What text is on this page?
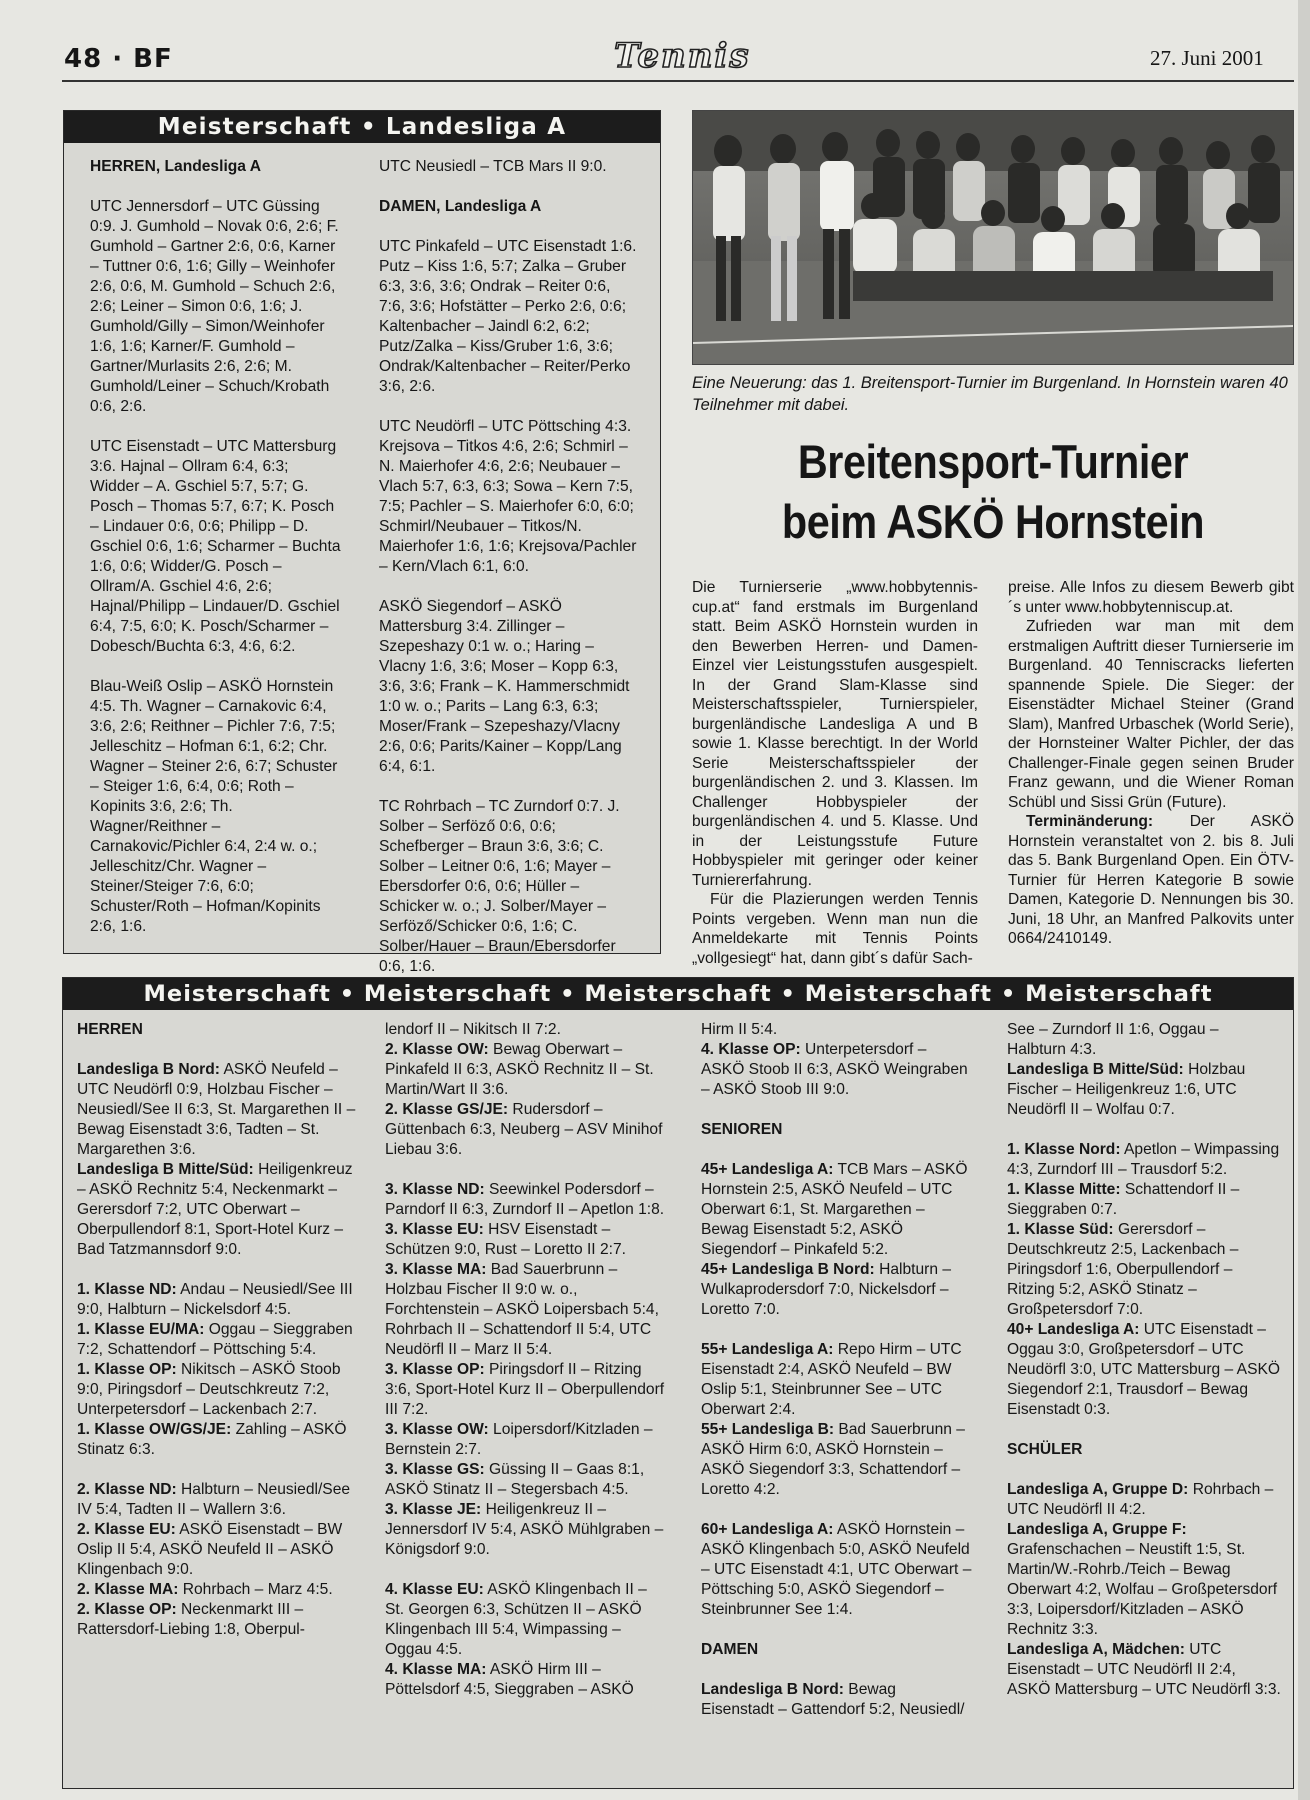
48 · BF	Tennis	27. Juni 2001
Meisterschaft • Landesliga A

HERREN, Landesliga A

UTC Jennersdorf – UTC Güssing 0:9. J. Gumhold – Novak 0:6, 2:6; F. Gumhold – Gartner 2:6, 0:6, Karner – Tuttner 0:6, 1:6; Gilly – Weinhofer 2:6, 0:6, M. Gumhold – Schuch 2:6, 2:6; Leiner – Simon 0:6, 1:6; J. Gumhold/Gilly – Simon/Weinhofer 1:6, 1:6; Karner/F. Gumhold – Gartner/Murlasits 2:6, 2:6; M. Gumhold/Leiner – Schuch/Krobath 0:6, 2:6.

UTC Eisenstadt – UTC Mattersburg 3:6. Hajnal – Ollram 6:4, 6:3; Widder – A. Gschiel 5:7, 5:7; G. Posch – Thomas 5:7, 6:7; K. Posch – Lindauer 0:6, 0:6; Philipp – D. Gschiel 0:6, 1:6; Scharmer – Buchta 1:6, 0:6; Widder/G. Posch – Ollram/A. Gschiel 4:6, 2:6; Hajnal/Philipp – Lindauer/D. Gschiel 6:4, 7:5, 6:0; K. Posch/Scharmer – Dobesch/Buchta 6:3, 4:6, 6:2.

Blau-Weiß Oslip – ASKÖ Hornstein 4:5. Th. Wagner – Carnakovic 6:4, 3:6, 2:6; Reithner – Pichler 7:6, 7:5; Jelleschitz – Hofman 6:1, 6:2; Chr. Wagner – Steiner 2:6, 6:7; Schuster – Steiger 1:6, 6:4, 0:6; Roth – Kopinits 3:6, 2:6; Th. Wagner/Reithner – Carnakovic/Pichler 6:4, 2:4 w. o.; Jelleschitz/Chr. Wagner – Steiner/Steiger 7:6, 6:0; Schuster/Roth – Hofman/Kopinits 2:6, 1:6.

UTC Neusiedl – TCB Mars II 9:0.

DAMEN, Landesliga A

UTC Pinkafeld – UTC Eisenstadt 1:6. Putz – Kiss 1:6, 5:7; Zalka – Gruber 6:3, 3:6, 3:6; Ondrak – Reiter 0:6, 7:6, 3:6; Hofstätter – Perko 2:6, 0:6; Kaltenbacher – Jaindl 6:2, 6:2; Putz/Zalka – Kiss/Gruber 1:6, 3:6; Ondrak/Kaltenbacher – Reiter/Perko 3:6, 2:6.

UTC Neudörfl – UTC Pöttsching 4:3. Krejsova – Titkos 4:6, 2:6; Schmirl – N. Maierhofer 4:6, 2:6; Neubauer – Vlach 5:7, 6:3, 6:3; Sowa – Kern 7:5, 7:5; Pachler – S. Maierhofer 6:0, 6:0; Schmirl/Neubauer – Titkos/N. Maierhofer 1:6, 1:6; Krejsova/Pachler – Kern/Vlach 6:1, 6:0.

ASKÖ Siegendorf – ASKÖ Mattersburg 3:4. Zillinger – Szepeshazy 0:1 w. o.; Haring – Vlacny 1:6, 3:6; Moser – Kopp 6:3, 3:6, 3:6; Frank – K. Hammerschmidt 1:0 w. o.; Parits – Lang 6:3, 6:3; Moser/Frank – Szepeshazy/Vlacny 2:6, 0:6; Parits/Kainer – Kopp/Lang 6:4, 6:1.

TC Rohrbach – TC Zurndorf 0:7. J. Solber – Serföző 0:6, 0:6; Schefberger – Braun 3:6, 3:6; C. Solber – Leitner 0:6, 1:6; Mayer – Ebersdorfer 0:6, 0:6; Hüller – Schicker w. o.; J. Solber/Mayer – Serföző/Schicker 0:6, 1:6; C. Solber/Hauer – Braun/Ebersdorfer 0:6, 1:6.

Eine Neuerung: das 1. Breitensport-Turnier im Burgenland. In Hornstein waren 40 Teilnehmer mit dabei.
Breitensport-Turnier
beim ASKÖ Hornstein

Die Turnierserie „www.hobbytennis-cup.at“ fand erstmals im Burgenland statt. Beim ASKÖ Hornstein wurden in den Bewerben Herren- und Damen-Einzel vier Leistungsstufen ausgespielt. In der Grand Slam-Klasse sind Meisterschaftsspieler, Turnierspieler, burgenländische Landesliga A und B sowie 1. Klasse berechtigt. In der World Serie Meisterschaftsspieler der burgenländischen 2. und 3. Klassen. Im Challenger Hobbyspieler der burgenländischen 4. und 5. Klasse. Und in der Leistungsstufe Future Hobbyspieler mit geringer oder keiner Turniererfahrung.

Für die Plazierungen werden Tennis Points vergeben. Wenn man nun die Anmeldekarte mit Tennis Points „vollgesiegt“ hat, dann gibt´s dafür Sach-

preise. Alle Infos zu diesem Bewerb gibt´s unter www.hobbytenniscup.at.

Zufrieden war man mit dem erstmaligen Auftritt dieser Turnierserie im Burgenland. 40 Tenniscracks lieferten spannende Spiele. Die Sieger: der Eisenstädter Michael Steiner (Grand Slam), Manfred Urbaschek (World Serie), der Hornsteiner Walter Pichler, der das Challenger-Finale gegen seinen Bruder Franz gewann, und die Wiener Roman Schübl und Sissi Grün (Future).

Terminänderung: Der ASKÖ Hornstein veranstaltet von 2. bis 8. Juli das 5. Bank Burgenland Open. Ein ÖTV-Turnier für Herren Kategorie B sowie Damen, Kategorie D. Nennungen bis 30. Juni, 18 Uhr, an Manfred Palkovits unter 0664/2410149.

Meisterschaft • Meisterschaft • Meisterschaft • Meisterschaft • Meisterschaft

HERREN

Landesliga B Nord: ASKÖ Neufeld – UTC Neudörfl 0:9, Holzbau Fischer – Neusiedl/See II 6:3, St. Margarethen II – Bewag Eisenstadt 3:6, Tadten – St. Margarethen 3:6.

Landesliga B Mitte/Süd: Heiligenkreuz – ASKÖ Rechnitz 5:4, Neckenmarkt – Gerersdorf 7:2, UTC Oberwart – Oberpullendorf 8:1, Sport-Hotel Kurz – Bad Tatzmannsdorf 9:0.

1. Klasse ND: Andau – Neusiedl/See III 9:0, Halbturn – Nickelsdorf 4:5.

1. Klasse EU/MA: Oggau – Sieggraben 7:2, Schattendorf – Pöttsching 5:4.

1. Klasse OP: Nikitsch – ASKÖ Stoob 9:0, Piringsdorf – Deutschkreutz 7:2, Unterpetersdorf – Lackenbach 2:7.

1. Klasse OW/GS/JE: Zahling – ASKÖ Stinatz 6:3.

2. Klasse ND: Halbturn – Neusiedl/See IV 5:4, Tadten II – Wallern 3:6.

2. Klasse EU: ASKÖ Eisenstadt – BW Oslip II 5:4, ASKÖ Neufeld II – ASKÖ Klingenbach 9:0.

2. Klasse MA: Rohrbach – Marz 4:5.

2. Klasse OP: Neckenmarkt III – Rattersdorf-Liebing 1:8, Oberpul-

lendorf II – Nikitsch II 7:2.

2. Klasse OW: Bewag Oberwart – Pinkafeld II 6:3, ASKÖ Rechnitz II – St. Martin/Wart II 3:6.

2. Klasse GS/JE: Rudersdorf – Güttenbach 6:3, Neuberg – ASV Minihof Liebau 3:6.

3. Klasse ND: Seewinkel Podersdorf – Parndorf II 6:3, Zurndorf II – Apetlon 1:8.

3. Klasse EU: HSV Eisenstadt – Schützen 9:0, Rust – Loretto II 2:7.

3. Klasse MA: Bad Sauerbrunn – Holzbau Fischer II 9:0 w. o., Forchtenstein – ASKÖ Loipersbach 5:4, Rohrbach II – Schattendorf II 5:4, UTC Neudörfl II – Marz II 5:4.

3. Klasse OP: Piringsdorf II – Ritzing 3:6, Sport-Hotel Kurz II – Oberpullendorf III 7:2.

3. Klasse OW: Loipersdorf/Kitzladen – Bernstein 2:7.

3. Klasse GS: Güssing II – Gaas 8:1, ASKÖ Stinatz II – Stegersbach 4:5.

3. Klasse JE: Heiligenkreuz II – Jennersdorf IV 5:4, ASKÖ Mühlgraben – Königsdorf 9:0.

4. Klasse EU: ASKÖ Klingenbach II – St. Georgen 6:3, Schützen II – ASKÖ Klingenbach III 5:4, Wimpassing – Oggau 4:5.

4. Klasse MA: ASKÖ Hirm III – Pöttelsdorf 4:5, Sieggraben – ASKÖ

Hirm II 5:4.

4. Klasse OP: Unterpetersdorf – ASKÖ Stoob II 6:3, ASKÖ Weingraben – ASKÖ Stoob III 9:0.

SENIOREN

45+ Landesliga A: TCB Mars – ASKÖ Hornstein 2:5, ASKÖ Neufeld – UTC Oberwart 6:1, St. Margarethen – Bewag Eisenstadt 5:2, ASKÖ Siegendorf – Pinkafeld 5:2.

45+ Landesliga B Nord: Halbturn – Wulkaprodersdorf 7:0, Nickelsdorf – Loretto 7:0.

55+ Landesliga A: Repo Hirm – UTC Eisenstadt 2:4, ASKÖ Neufeld – BW Oslip 5:1, Steinbrunner See – UTC Oberwart 2:4.

55+ Landesliga B: Bad Sauerbrunn – ASKÖ Hirm 6:0, ASKÖ Hornstein – ASKÖ Siegendorf 3:3, Schattendorf – Loretto 4:2.

60+ Landesliga A: ASKÖ Hornstein – ASKÖ Klingenbach 5:0, ASKÖ Neufeld – UTC Eisenstadt 4:1, UTC Oberwart – Pöttsching 5:0, ASKÖ Siegendorf – Steinbrunner See 1:4.

DAMEN

Landesliga B Nord: Bewag Eisenstadt – Gattendorf 5:2, Neusiedl/

See – Zurndorf II 1:6, Oggau – Halbturn 4:3.

Landesliga B Mitte/Süd: Holzbau Fischer – Heiligenkreuz 1:6, UTC Neudörfl II – Wolfau 0:7.

1. Klasse Nord: Apetlon – Wimpassing 4:3, Zurndorf III – Trausdorf 5:2.

1. Klasse Mitte: Schattendorf II – Sieggraben 0:7.

1. Klasse Süd: Gerersdorf – Deutschkreutz 2:5, Lackenbach – Piringsdorf 1:6, Oberpullendorf – Ritzing 5:2, ASKÖ Stinatz – Großpetersdorf 7:0.

40+ Landesliga A: UTC Eisenstadt – Oggau 3:0, Großpetersdorf – UTC Neudörfl 3:0, UTC Mattersburg – ASKÖ Siegendorf 2:1, Trausdorf – Bewag Eisenstadt 0:3.

SCHÜLER

Landesliga A, Gruppe D: Rohrbach – UTC Neudörfl II 4:2.

Landesliga A, Gruppe F: Grafenschachen – Neustift 1:5, St. Martin/W.-Rohrb./Teich – Bewag Oberwart 4:2, Wolfau – Großpetersdorf 3:3, Loipersdorf/Kitzladen – ASKÖ Rechnitz 3:3.

Landesliga A, Mädchen: UTC Eisenstadt – UTC Neudörfl II 2:4, ASKÖ Mattersburg – UTC Neudörfl 3:3.
